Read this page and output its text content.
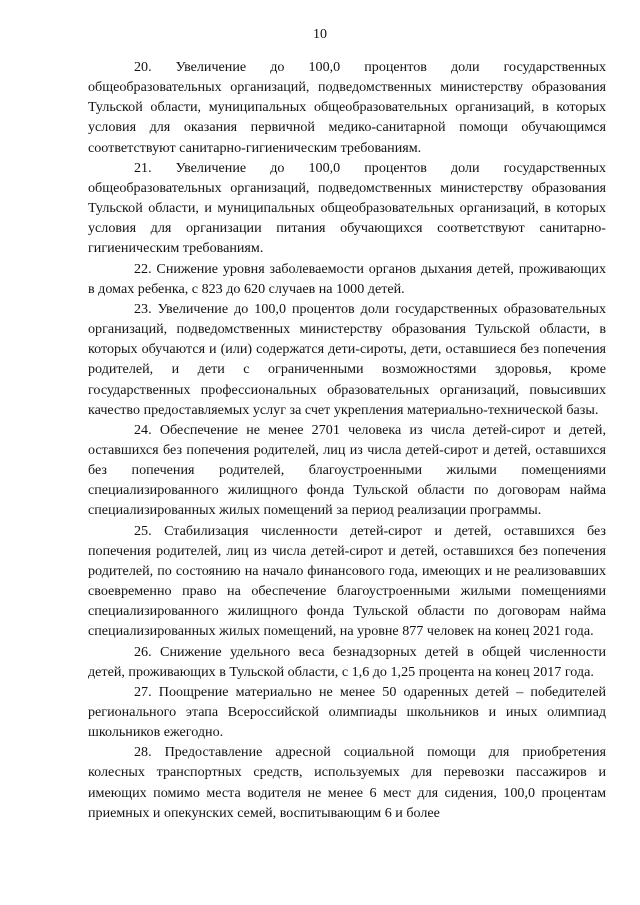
10

20. Увеличение до 100,0 процентов доли государственных общеобразовательных организаций, подведомственных министерству образования Тульской области, муниципальных общеобразовательных организаций, в которых условия для оказания первичной медико-санитарной помощи обучающимся соответствуют санитарно-гигиеническим требованиям.

21. Увеличение до 100,0 процентов доли государственных общеобразовательных организаций, подведомственных министерству образования Тульской области, и муниципальных общеобразовательных организаций, в которых условия для организации питания обучающихся соответствуют санитарно-гигиеническим требованиям.

22. Снижение уровня заболеваемости органов дыхания детей, проживающих в домах ребенка, с 823 до 620 случаев на 1000 детей.

23. Увеличение до 100,0 процентов доли государственных образовательных организаций, подведомственных министерству образования Тульской области, в которых обучаются и (или) содержатся дети-сироты, дети, оставшиеся без попечения родителей, и дети с ограниченными возможностями здоровья, кроме государственных профессиональных образовательных организаций, повысивших качество предоставляемых услуг за счет укрепления материально-технической базы.

24. Обеспечение не менее 2701 человека из числа детей-сирот и детей, оставшихся без попечения родителей, лиц из числа детей-сирот и детей, оставшихся без попечения родителей, благоустроенными жилыми помещениями специализированного жилищного фонда Тульской области по договорам найма специализированных жилых помещений за период реализации программы.

25. Стабилизация численности детей-сирот и детей, оставшихся без попечения родителей, лиц из числа детей-сирот и детей, оставшихся без попечения родителей, по состоянию на начало финансового года, имеющих и не реализовавших своевременно право на обеспечение благоустроенными жилыми помещениями специализированного жилищного фонда Тульской области по договорам найма специализированных жилых помещений, на уровне 877 человек на конец 2021 года.

26. Снижение удельного веса безнадзорных детей в общей численности детей, проживающих в Тульской области, с 1,6 до 1,25 процента на конец 2017 года.

27. Поощрение материально не менее 50 одаренных детей – победителей регионального этапа Всероссийской олимпиады школьников и иных олимпиад школьников ежегодно.

28. Предоставление адресной социальной помощи для приобретения колесных транспортных средств, используемых для перевозки пассажиров и имеющих помимо места водителя не менее 6 мест для сидения, 100,0 процентам приемных и опекунских семей, воспитывающим 6 и более
